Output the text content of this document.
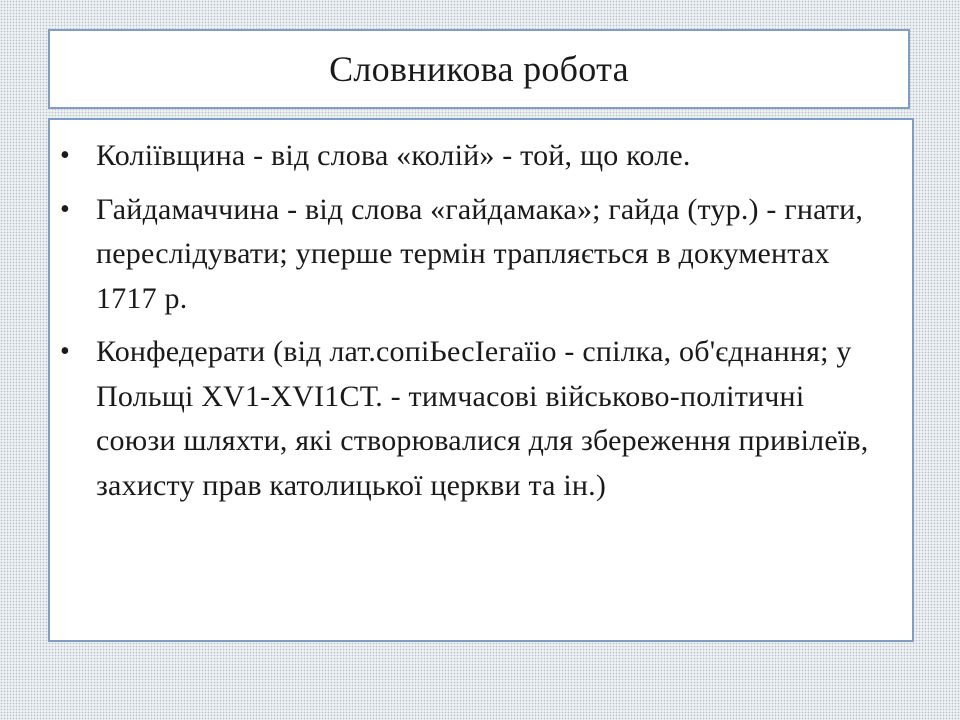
Словникова робота
• Коліївщина - від слова «колій» - той, що коле.
• Гайдамаччина - від слова «гайдамака»; гайда (тур.) - гнати, переслідувати; уперше термін трапляється в документах 1717 р.
• Конфедерати (від лат.сопіЬесІегаїіо - спілка, об'єднання; у Польщі ХV1-ХVІ1СТ. - тимчасові військово-політичні союзи шляхти, які створювалися для збереження привілеїв, захисту прав католицької церкви та ін.)
